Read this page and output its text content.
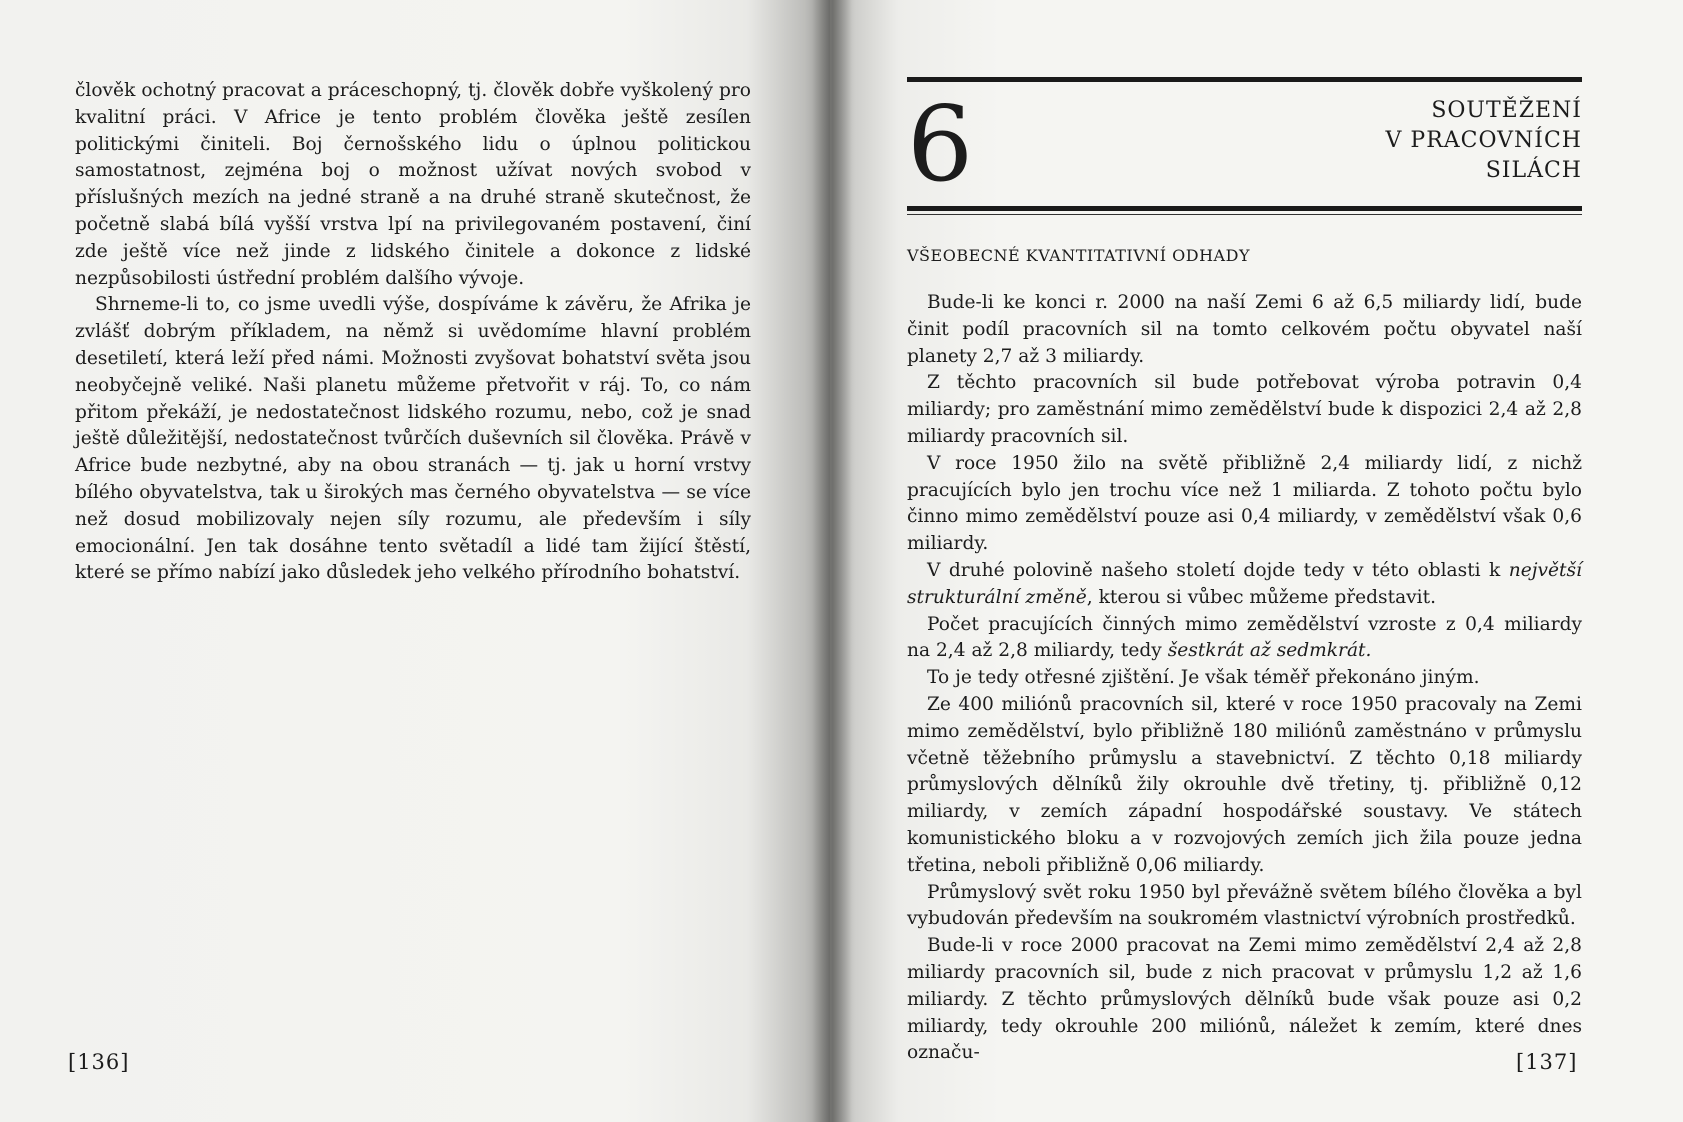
člověk ochotný pracovat a práceschopný, tj. člověk dobře vyškolený pro kvalitní práci. V Africe je tento problém člověka ještě zesílen politickými činiteli. Boj černošského lidu o úplnou politickou samostatnost, zejména boj o možnost užívat nových svobod v příslušných mezích na jedné straně a na druhé straně skutečnost, že početně slabá bílá vyšší vrstva lpí na privilegovaném postavení, činí zde ještě více než jinde z lidského činitele a dokonce z lidské nezpůsobilosti ústřední problém dalšího vývoje.

Shrneme-li to, co jsme uvedli výše, dospíváme k závěru, že Afrika je zvlášť dobrým příkladem, na němž si uvědomíme hlavní problém desetiletí, která leží před námi. Možnosti zvyšovat bohatství světa jsou neobyčejně veliké. Naši planetu můžeme přetvořit v ráj. To, co nám přitom překáží, je nedostatečnost lidského rozumu, nebo, což je snad ještě důležitější, nedostatečnost tvůrčích duševních sil člověka. Právě v Africe bude nezbytné, aby na obou stranách — tj. jak u horní vrstvy bílého obyvatelstva, tak u širokých mas černého obyvatelstva — se více než dosud mobilizovaly nejen síly rozumu, ale především i síly emocionální. Jen tak dosáhne tento světadíl a lidé tam žijící štěstí, které se přímo nabízí jako důsledek jeho velkého přírodního bohatství.

[136]
6	SOUTĚŽENÍ
V PRACOVNÍCH
SILÁCH
VŠEOBECNÉ KVANTITATIVNÍ ODHADY

Bude-li ke konci r. 2000 na naší Zemi 6 až 6,5 miliardy lidí, bude činit podíl pracovních sil na tomto celkovém počtu obyvatel naší planety 2,7 až 3 miliardy.

Z těchto pracovních sil bude potřebovat výroba potravin 0,4 miliardy; pro zaměstnání mimo zemědělství bude k dispozici 2,4 až 2,8 miliardy pracovních sil.

V roce 1950 žilo na světě přibližně 2,4 miliardy lidí, z nichž pracujících bylo jen trochu více než 1 miliarda. Z tohoto počtu bylo činno mimo zemědělství pouze asi 0,4 miliardy, v zemědělství však 0,6 miliardy.

V druhé polovině našeho století dojde tedy v této oblasti k největší strukturální změně, kterou si vůbec můžeme představit.

Počet pracujících činných mimo zemědělství vzroste z 0,4 miliardy na 2,4 až 2,8 miliardy, tedy šestkrát až sedmkrát.

To je tedy otřesné zjištění. Je však téměř překonáno jiným.

Ze 400 miliónů pracovních sil, které v roce 1950 pracovaly na Zemi mimo zemědělství, bylo přibližně 180 miliónů zaměstnáno v průmyslu včetně těžebního průmyslu a stavebnictví. Z těchto 0,18 miliardy průmyslových dělníků žily okrouhle dvě třetiny, tj. přibližně 0,12 miliardy, v zemích západní hospodářské soustavy. Ve státech komunistického bloku a v rozvojových zemích jich žila pouze jedna třetina, neboli přibližně 0,06 miliardy.

Průmyslový svět roku 1950 byl převážně světem bílého člověka a byl vybudován především na soukromém vlastnictví výrobních prostředků.

Bude-li v roce 2000 pracovat na Zemi mimo zemědělství 2,4 až 2,8 miliardy pracovních sil, bude z nich pracovat v průmyslu 1,2 až 1,6 miliardy. Z těchto průmyslových dělníků bude však pouze asi 0,2 miliardy, tedy okrouhle 200 miliónů, náležet k zemím, které dnes označu-	[137]
